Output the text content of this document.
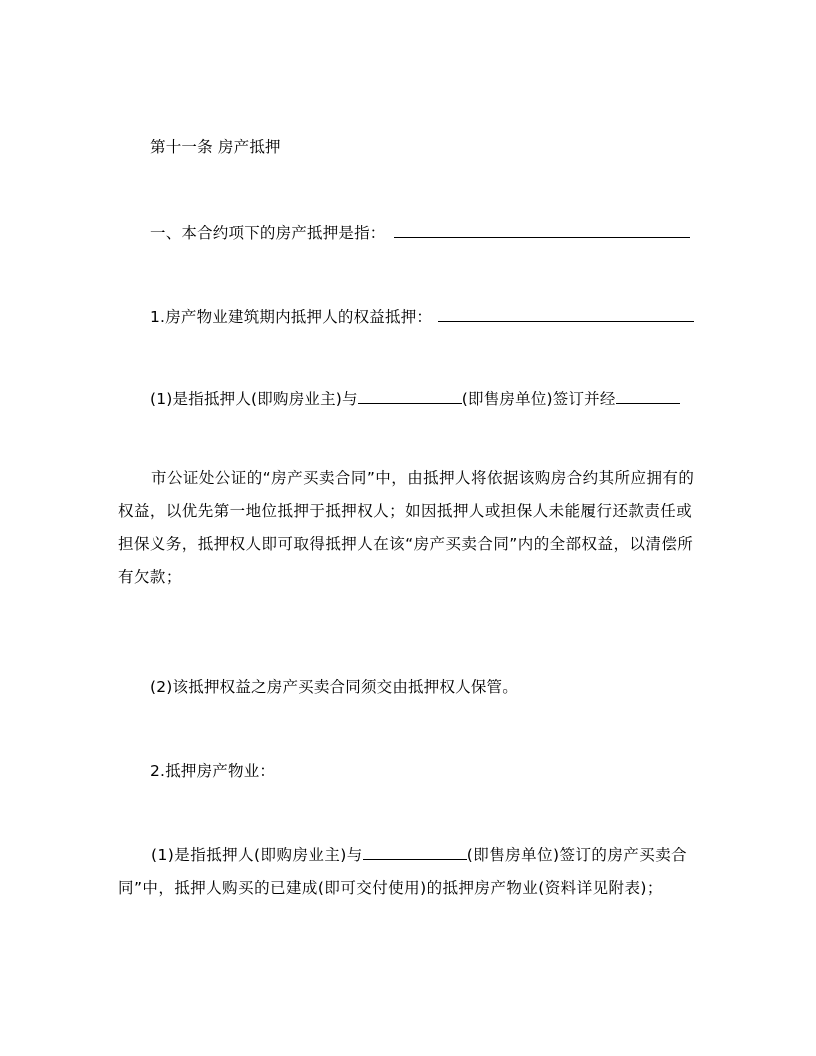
第十一条 房产抵押
一、本合约项下的房产抵押是指：
1.房产物业建筑期内抵押人的权益抵押：
(1)是指抵押人(即购房业主)与	(即售房单位)签订并经
市公证处公证的“房产买卖合同”中，由抵押人将依据该购房合约其所应拥有的权益，以优先第一地位抵押于抵押权人；如因抵押人或担保人未能履行还款责任或担保义务，抵押权人即可取得抵押人在该“房产买卖合同”内的全部权益，以清偿所有欠款；
(2)该抵押权益之房产买卖合同须交由抵押权人保管。
2.抵押房产物业：
(1)是指抵押人(即购房业主)与	(即售房单位)签订的房产买卖合同”中，抵押人购买的已建成(即可交付使用)的抵押房产物业(资料详见附表)；
